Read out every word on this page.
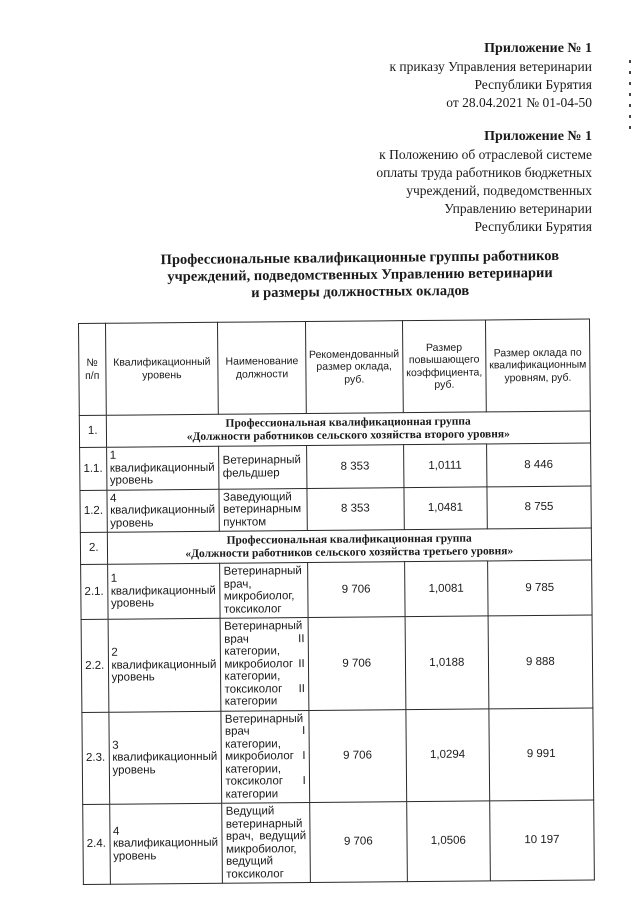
Приложение № 1
к приказу Управления ветеринарии
Республики Бурятия
от 28.04.2021 № 01-04-50
Приложение № 1
к Положению об отраслевой системе
оплаты труда работников бюджетных
учреждений, подведомственных
Управлению ветеринарии
Республики Бурятия
Профессиональные квалификационные группы работников
учреждений, подведомственных Управлению ветеринарии
и размеры должностных окладов
№ п/п	Квалификационный уровень	Наименование должности	Рекомендованный размер оклада, руб.	Размер повышающего коэффициента, руб.	Размер оклада по квалификационным уровням, руб.
1.	Профессиональная квалификационная группа
«Должности работников сельского хозяйства второго уровня»				

1.1.	1 квалификационный уровень	Ветеринарный фельдшер	8 353	1,0111	8 446
1.2.	4 квалификационный уровень	Заведующий ветеринарным пунктом	8 353	1,0481	8 755
2.	Профессиональная квалификационная группа
«Должности работников сельского хозяйства третьего уровня»				

2.1.	1 квалификационный уровень	Ветеринарный врач, микробиолог, токсиколог	9 706	1,0081	9 785
2.2.	2 квалификационный уровень	Ветеринарный врач II категории, микробиолог II категории, токсиколог II категории	9 706	1,0188	9 888
2.3.	3 квалификационный уровень	Ветеринарный врач I категории, микробиолог I категории, токсиколог I категории	9 706	1,0294	9 991
2.4.	4 квалификационный уровень	Ведущий ветеринарный врач, ведущий микробиолог, ведущий токсиколог	9 706	1,0506	10 197
